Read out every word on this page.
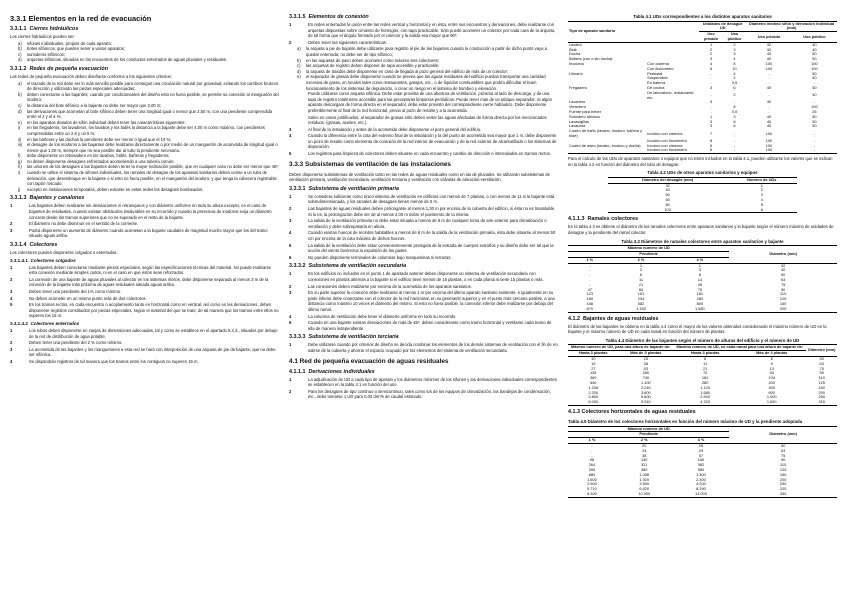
3.3.1 Elementos en la red de evacuación
3.3.1.1 Cierres hidráulicos
Los cierres hidráulicos pueden ser:
a)	sifones individuales, propios de cada aparato;
b)	botes sifónicos, que pueden servir a varios aparatos;
c)	sumideros sifónicos;
d)	arquetas sifónicas, situadas en los encuentros de los conductos enterrados de aguas pluviales y residuales.
3.3.1.2 Redes de pequeña evacuación
Las redes de pequeña evacuación deben diseñarse conforme a los siguientes criterios:
a)	el trazado de la red debe ser lo más sencillo posible para conseguir una circulación natural por gravedad, evitando los cambios bruscos de dirección y utilizando las piezas especiales adecuadas;
b)	deben conectarse a las bajantes; cuando por condicionantes del diseño esto no fuera posible, se permite su conexión al manguetón del inodoro;
c)	la distancia del bote sifónico a la bajante no debe ser mayor que 2,00 m;
d)	las derivaciones que acometan al bote sifónico deben tener una longitud igual o menor que 2,50 m, con una pendiente comprendida entre el 2 y el 4 %;
e)	en los aparatos dotados de sifón individual deben tener las características siguientes:
i)	en los fregaderos, los lavaderos, los lavabos y los bidés la distancia a la bajante debe ser 4,00 m como máximo, con pendientes comprendidas entre un 2,5 y un 5 %;
ii)	en las bañeras y las duchas la pendiente debe ser menor o igual que el 10 %;
iii)	el desagüe de los inodoros a las bajantes debe realizarse directamente o por medio de un manguetón de acometida de longitud igual o menor que 1,00 m, siempre que no sea posible dar al tubo la pendiente necesaria.
f)	debe disponerse un rebosadero en los lavabos, bidés, bañeras y fregaderos;
g)	no deben disponerse desagües enfrentados acometiendo a una tubería común;
h)	las uniones de los desagües a las bajantes deben tener la mayor inclinación posible, que en cualquier caso no debe ser menor que 45º;
i)	cuando se utilice el sistema de sifones individuales, los ramales de desagüe de los aparatos sanitarios deben unirse a un tubo de derivación, que desemboque en la bajante o si esto no fuera posible, en el manguetón del inodoro, y que tenga la cabecera registrable con tapón roscado;
j)	excepto en instalaciones temporales, deben evitarse en estas redes los desagües bombeados.
3.3.1.3 Bajantes y canalones
1	Las bajantes deben realizarse sin desviaciones ni retranqueos y con diámetro uniforme en toda su altura excepto, en el caso de bajantes de residuales, cuando existan obstáculos insalvables en su recorrido y cuando la presencia de inodoros exija un diámetro concreto desde los tramos superiores que no es superado en el resto de la bajante.
2	El diámetro no debe disminuir en el sentido de la corriente.
3	Podrá disponerse un aumento de diámetro cuando acometan a la bajante caudales de magnitud mucho mayor que los del tramo situado aguas arriba.
3.3.1.4 Colectores
Los colectores pueden disponerse colgados o enterrados.
3.3.1.4.1 Colectores colgados
1	Las bajantes deben conectarse mediante piezas especiales, según las especificaciones técnicas del material. No puede realizarse esta conexión mediante simples codos, ni en el caso en que éstos sean reforzados.
2	La conexión de una bajante de aguas pluviales al colector en los sistemas mixtos, debe disponerse separada al menos 3 m de la conexión de la bajante más próxima de aguas residuales situada aguas arriba.
3	Deben tener una pendiente del 1% como mínimo.
4	No deben acometer en un mismo punto más de dos colectores.
5	En los tramos rectos, en cada encuentro o acoplamiento tanto en horizontal como en vertical, así como en las derivaciones, deben disponerse registros constituidos por piezas especiales, según el material del que se trate, de tal manera que los tramos entre ellos no superen los 15 m.
3.3.1.4.2 Colectores enterrados
1	Los tubos deben disponerse en zanjas de dimensiones adecuadas, tal y como se establece en el apartado 5.4.3., situados por debajo de la red de distribución de agua potable.
2	Deben tener una pendiente del 2 % como mínimo.
3	La acometida de las bajantes y los manguetones a esta red se hará con interposición de una arqueta de pie de bajante, que no debe ser sifónica.
4	Se dispondrán registros de tal manera que los tramos entre los contiguos no superen 15 m.
3.3.1.5 Elementos de conexión
1	En redes enterradas la unión entre las redes vertical y horizontal y en ésta, entre sus encuentros y derivaciones, debe realizarse con arquetas dispuestas sobre cimiento de hormigón, con tapa practicable. Sólo puede acometer un colector por cada cara de la arqueta, de tal forma que el ángulo formado por el colector y la salida sea mayor que 90º.
2	Deben tener las siguientes características:
a)	la arqueta a pie de bajante debe utilizarse para registro al pie de las bajantes cuando la conducción a partir de dicho punto vaya a quedar enterrada; no debe ser de tipo sifónico;
b)	en las arquetas de paso deben acometer como máximo tres colectores;
c)	las arquetas de registro deben disponer de tapa accesible y practicable;
d)	la arqueta de trasdós debe disponerse en caso de llegada al pozo general del edificio de más de un colector;
e)	el separador de grasas debe disponerse cuando se prevea que las aguas residuales del edificio puedan transportar una cantidad excesiva de grasa, en locales tales como restaurantes, garajes, etc., o de líquidos combustibles que podría dificultar el buen funcionamiento de los sistemas de depuración, o crear un riesgo en el sistema de bombeo y elevación.
Puede utilizarse como arqueta sifónica. Debe estar provista de una abertura de ventilación, próxima al lado de descarga, y de una tapa de registro totalmente accesible para las preceptivas limpiezas periódicas. Puede tener más de un tabique separador. Si algún aparato descargara de forma directa en el separador, debe estar provisto del correspondiente cierre hidráulico. Debe disponerse preferiblemente al final de la red horizontal, previo al pozo de resalto y a la acometida.
Salvo en casos justificados, al separador de grasas sólo deben verter las aguas afectadas de forma directa por los mencionados residuos. (grasas, aceites, etc.)
3	Al final de la instalación y antes de la acometida debe disponerse el pozo general del edificio.
4	Cuando la diferencia entre la cota del extremo final de la instalación y la del punto de acometida sea mayor que 1 m, debe disponerse un pozo de resalto como elemento de conexión de la red interior de evacuación y de la red exterior de alcantarillado o los sistemas de depuración.
5	Los registros para limpieza de colectores deben situarse en cada encuentro y cambio de dirección e intercalados en tramos rectos.
3.3.3 Subsistemas de ventilación de las instalaciones
Deben disponerse subsistemas de ventilación tanto en las redes de aguas residuales como en las de pluviales. Se utilizarán subsistemas de ventilación primaria, ventilación secundaria, ventilación terciaria y ventilación con válvulas de aireación-ventilación.
3.3.3.1 Subsistema de ventilación primaria
1	Se considera suficiente como único sistema de ventilación en edificios con menos de 7 plantas, o con menos de 11 si la bajante está sobredimensionada, y los ramales de desagües tienen menos de 5 m.
2	Las bajantes de aguas residuales deben prolongarse al menos 1,30 m por encima de la cubierta del edificio, si ésta no es transitable. Si lo es, la prolongación debe ser de al menos 2,00 m sobre el pavimento de la misma.
3	La salida de la ventilación primaria no debe estar situada a menos de 6 m de cualquier toma de aire exterior para climatización o ventilación y debe sobrepasarla en altura.
4	Cuando existan huecos de recintos habitables a menos de 6 m de la salida de la ventilación primaria, ésta debe situarse al menos 50 cm por encima de la cota máxima de dichos huecos.
5	La salida de la ventilación debe estar convenientemente protegida de la entrada de cuerpos extraños y su diseño debe ser tal que la acción del viento favorezca la expulsión de los gases.
6	No pueden disponerse terminales de columnas bajo marquesinas ni terrazas.
3.3.3.2 Subsistema de ventilación secundaria
1	En los edificios no incluidos en el punto 1 de apartado anterior deben disponerse un sistema de ventilación secundaria con conexiones en plantas alternas a la bajante si el edificio tiene menos de 15 plantas, o en cada planta si tiene 15 plantas o más.
2	Las conexiones deben realizarse por encima de la acometida de los aparatos sanitarios.
3	En su parte superior la conexión debe realizarse al menos 1 m por encima del último aparato sanitario existente, e igualmente en su parte inferior debe conectarse con el colector de la red horizontal, en su generatriz superior y en el punto más cercano posible, a una distancia como máximo 10 veces el diámetro del mismo. Si esto no fuera posible, la conexión inferior debe realizarse por debajo del último ramal.
4	La columna de ventilación debe tener el diámetro uniforme en todo su recorrido.
5	Cuando en una bajante existan desviaciones de más de 45º, deben considerarse como tramo horizontal y ventilarse cada tramo de ella de manera independiente.
3.3.3.3 Subsistema de ventilación terciaria
1	Debe utilizarse cuando por criterios de diseño se decida combinar los elementos de los demás sistemas de ventilación con el fin de no salirse de la cubierta y ahorrar el espacio ocupado por los elementos del sistema de ventilación secundaria.
4.1 Red de pequeña evacuación de aguas residuales
4.1.1.1 Derivaciones individuales
1	La adjudicación de UD a cada tipo de aparato y los diámetros mínimos de los sifones y las derivaciones individuales correspondientes se establecen en la tabla 4.1 en función del uso.
2	Para los desagües de tipo continuo o semicontinuo, tales como los de los equipos de climatización, las bandejas de condensación, etc., debe tomarse 1 UD para 0,03 dm³/s de caudal estimado.
Tabla 4.1 UDs correspondientes a los distintos aparatos sanitarios
Tipo de aparato sanitario		Unidades de desagüe UD		Diámetro mínimo sifón y derivación individual (mm)	
		Uso privado	Uso público	Uso privado	Uso público
Lavabo		1	2	32	40
Bidé		2	3	32	40
Ducha		2	3	40	50
Bañera (con o sin ducha)		3	4	40	50
Inodoros	Con cisterna	4	5	100	100
	Con fluxómetro	8	10	100	100
Urinario	Pedestal	-	4	-	50
	Suspendido	-	2	-	40
	En batería	-	3,5	-	-
Fregadero	De cocina	3	6	40	50
	De laboratorio, restaurante, etc.	-	2	-	40
Lavadero		3	-	40	-
Vertedero		-	8	-	100
Fuente para beber		-	0,5	-	25
Sumidero sifónico		1	3	40	50
Lavavajillas		3	6	40	50
Lavadora		3	6	40	50
Cuarto de baño (lavabo, inodoro, bañera y bidé)	Inodoro con cisterna	7	-	100	-
	Inodoro con fluxómetro	8	-	100	-
Cuarto de aseo (lavabo, inodoro y ducha)	Inodoro con cisterna	6	-	100	-
	Inodoro con fluxómetro	8	-	100	-
Para el cálculo de las UDs de aparatos sanitarios o equipos que no estén incluidos en la tabla 4.1, pueden utilizarse los valores que se indican en la tabla 4.2 en función del diámetro del tubo de desagüe:
Tabla 4.2 UDs de otros aparatos sanitarios y equipos
Diámetro del desagüe (mm)	Número de UDs
32	1
40	2
50	3
60	4
80	5
100	6
4.1.1.3 Ramales colectores
En la tabla 4.3 se obtiene el diámetro de los ramales colectores entre aparatos sanitarios y la bajante según el número máximo de unidades de desagüe y la pendiente del ramal colector.
Tabla 4.3 Diámetros de ramales colectores entre aparatos sanitarios y bajante
Máximo número de UD			Diámetro (mm)
Pendiente			
1 %	2 %	4 %	
-	1	1	32
-	2	3	40
-	6	8	50
-	11	14	63
-	21	28	75
47	60	75	90
123	151	181	110
180	234	280	125
438	582	800	160
870	1.150	1.680	200
4.1.2 Bajantes de aguas residuales
El diámetro de las bajantes se obtiene en la tabla 4.4 como el mayor de los valores obtenidos considerando el máximo número de UD en la bajante y el máximo número de UD en cada ramal en función del número de plantas.
Tabla 4.4 Diámetro de las bajantes según el número de alturas del edificio y el número de UD
Máximo número de UD, para una altura de bajante de:		Máximo número de UD, en cada ramal para una altura de bajante de:		Diámetro (mm)
Hasta 3 plantas	Más de 3 plantas	Hasta 3 plantas	Más de 3 plantas	
10	25	6	6	50
19	38	11	9	63
27	53	21	13	75
135	280	70	53	90
360	740	181	134	110
540	1.100	280	200	125
1.208	2.240	1.120	400	160
2.200	3.600	1.680	600	200
3.800	5.600	2.500	1.000	250
6.000	9.240	4.320	1.650	315
4.1.3 Colectores horizontales de aguas residuales
Tabla 4.5 Diámetro de los colectores horizontales en función del número máximo de UD y la pendiente adoptada
Máximo número de UD			Diámetro (mm)
Pendiente			
1 %	2 %	4 %	
-	20	25	50
-	24	29	63
-	38	57	75
96	130	160	90
264	321	382	110
390	480	580	125
880	1.056	1.300	160
1.600	1.920	2.300	200
2.900	3.500	4.200	250
5.710	6.920	8.290	315
8.300	10.000	12.000	350
